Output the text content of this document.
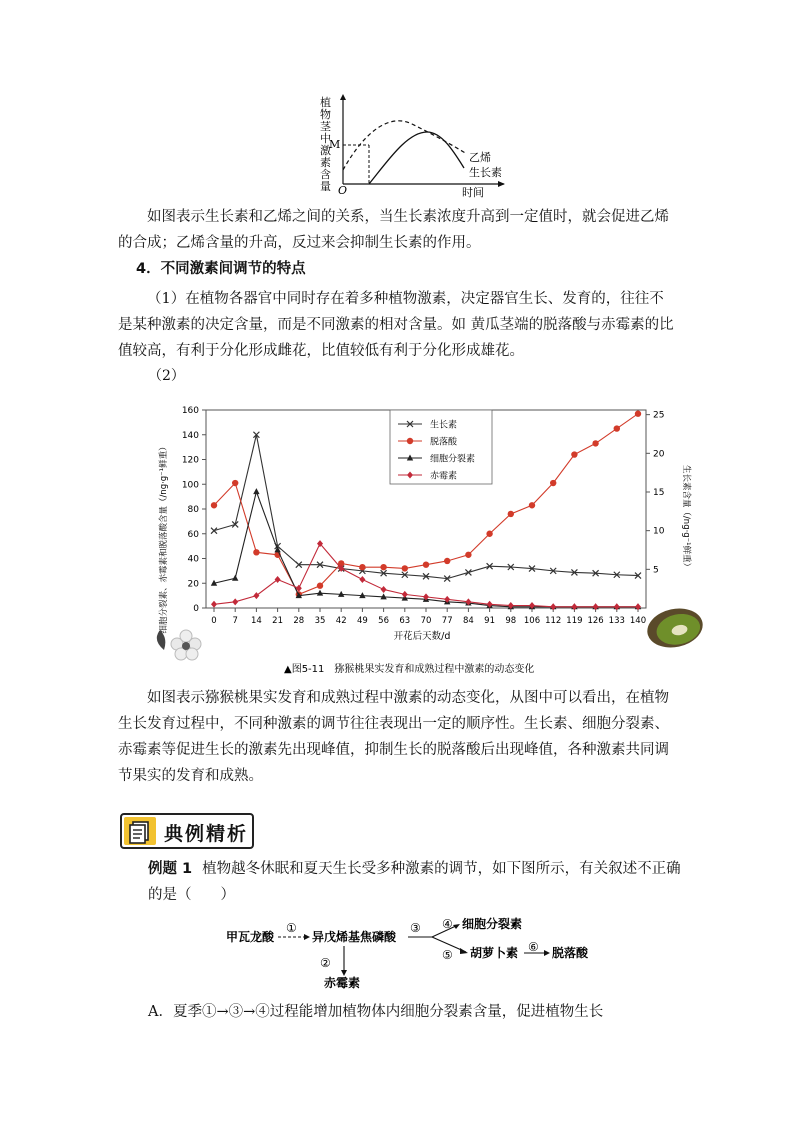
植
物
茎
中
激
素
含
量
M
O
乙烯
生长素
时间

如图表示生长素和乙烯之间的关系，当生长素浓度升高到一定值时，就会促进乙烯的合成；乙烯含量的升高，反过来会抑制生长素的作用。

4．不同激素间调节的特点

（1）在植物各器官中同时存在着多种植物激素，决定器官生长、发育的，往往不是某种激素的决定含量，而是不同激素的相对含量。如 黄瓜茎端的脱落酸与赤霉素的比值较高，有利于分化形成雌花，比值较低有利于分化形成雄花。

（2）
细胞分裂素、赤霉素和脱落酸含量（/ng·g⁻¹鲜重）	生长素含量（/ng·g⁻¹鲜重）
0
20
40
60
80
100
120
140
160
5
10
15
20
25
0 7 14 21 28 35 42 49 56 63 70 77 84 91 98 106 112 119 126 133 140
开花后天数/d
生长素
脱落酸
细胞分裂素
赤霉素
▲图5-11　猕猴桃果实发育和成熟过程中激素的动态变化

如图表示猕猴桃果实发育和成熟过程中激素的动态变化，从图中可以看出，在植物生长发育过程中，不同种激素的调节往往表现出一定的顺序性。生长素、细胞分裂素、赤霉素等促进生长的激素先出现峰值，抑制生长的脱落酸后出现峰值，各种激素共同调节果实的发育和成熟。

典例精析
例题 1 植物越冬休眠和夏天生长受多种激素的调节，如下图所示，有关叙述不正确的是（　　）
甲瓦龙酸	异戊烯基焦磷酸
细胞分裂素
胡萝卜素	脱落酸
赤霉素
①
②
③ ④
⑤
⑥
A．夏季①→③→④过程能增加植物体内细胞分裂素含量，促进植物生长
